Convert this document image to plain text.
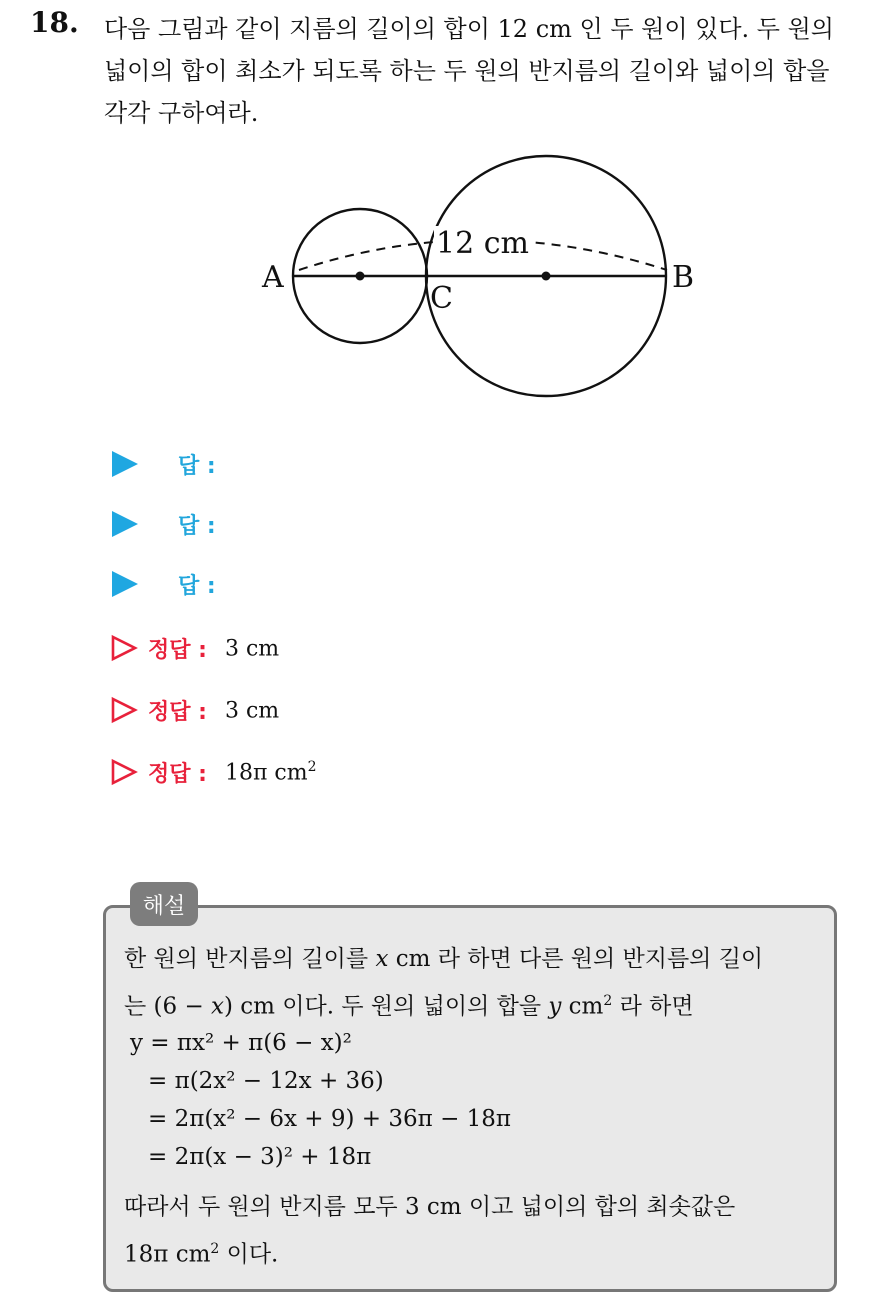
18. 다음 그림과 같이 지름의 길이의 합이 12 cm 인 두 원이 있다. 두 원의
넓이의 합이 최소가 되도록 하는 두 원의 반지름의 길이와 넓이의 합을
각각 구하여라.
A	B
C
12 cm
답 :
답 :
답 :
정답 : 3 cm
정답 : 3 cm
정답 : 18π $cm^2$
해설
한 원의 반지름의 길이를 x cm 라 하면 다른 원의 반지름의 길이
는 (6 − x) cm 이다. 두 원의 넓이의 합을 y $cm^2$ 라 하면
y = πx² + π(6 − x)²
= π(2x² − 12x + 36)
= 2π(x² − 6x + 9) + 36π − 18π
= 2π(x − 3)² + 18π
따라서 두 원의 반지름 모두 3 cm 이고 넓이의 합의 최솟값은
18π $cm^2$ 이다.
